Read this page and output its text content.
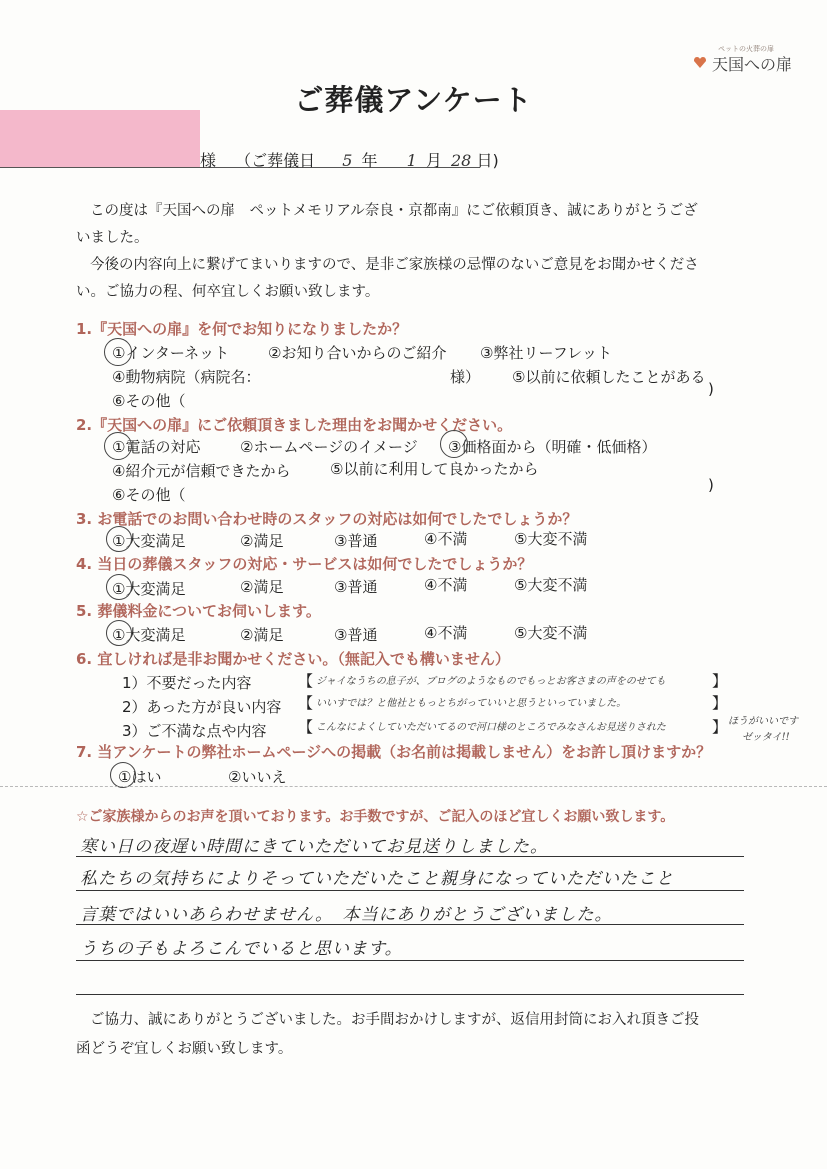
ペットの火葬の扉
天国への扉
ご葬儀アンケート
様 （ご葬儀日 5 年 1 月 28 日)
この度は『天国への扉　ペットメモリアル奈良・京都南』にご依頼頂き、誠にありがとうござ
いました。
今後の内容向上に繋げてまいりますので、是非ご家族様の忌憚のないご意見をお聞かせくださ
い。ご協力の程、何卒宜しくお願い致します。
1.『天国への扉』を何でお知りになりましたか？
①インターネット	②お知り合いからのご紹介 ③弊社リーフレット
④動物病院（病院名：	様） ⑤以前に依頼したことがある
⑥その他（
)
2.『天国への扉』にご依頼頂きました理由をお聞かせください。
①電話の対応	②ホームページのイメージ ③価格面から（明確・低価格）
④紹介元が信頼できたから	⑤以前に利用して良かったから
⑥その他（
)
3. お電話でのお問い合わせ時のスタッフの対応は如何でしたでしょうか？
①大変満足	②満足	③普通	④不満	⑤大変不満
4. 当日の葬儀スタッフの対応・サービスは如何でしたでしょうか？
①大変満足	②満足	③普通	④不満	⑤大変不満
5. 葬儀料金についてお伺いします。
①大変満足	②満足	③普通	④不満	⑤大変不満
6. 宜しければ是非お聞かせください。（無記入でも構いません）
1）不要だった内容	【 ジャイなうちの息子が、ブログのようなものでもっとお客さまの声をのせても	】
2）あった方が良い内容 【 いいすでは？と他社ともっとちがっていいと思うといっていました。	】
3）ご不満な点や内容 【 こんなによくしていただいてるので河口様のところでみなさんお見送りされた	】 ほうがいいです
ゼッタイ!!
7. 当アンケートの弊社ホームページへの掲載（お名前は掲載しません）をお許し頂けますか？
①はい	②いいえ
☆ご家族様からのお声を頂いております。お手数ですが、ご記入のほど宜しくお願い致します。
寒い日の夜遅い時間にきていただいてお見送りしました。
私たちの気持ちによりそっていただいたこと親身になっていただいたこと
言葉ではいいあらわせません。　本当にありがとうございました。
うちの子もよろこんでいると思います。
ご協力、誠にありがとうございました。お手間おかけしますが、返信用封筒にお入れ頂きご投
函どうぞ宜しくお願い致します。
